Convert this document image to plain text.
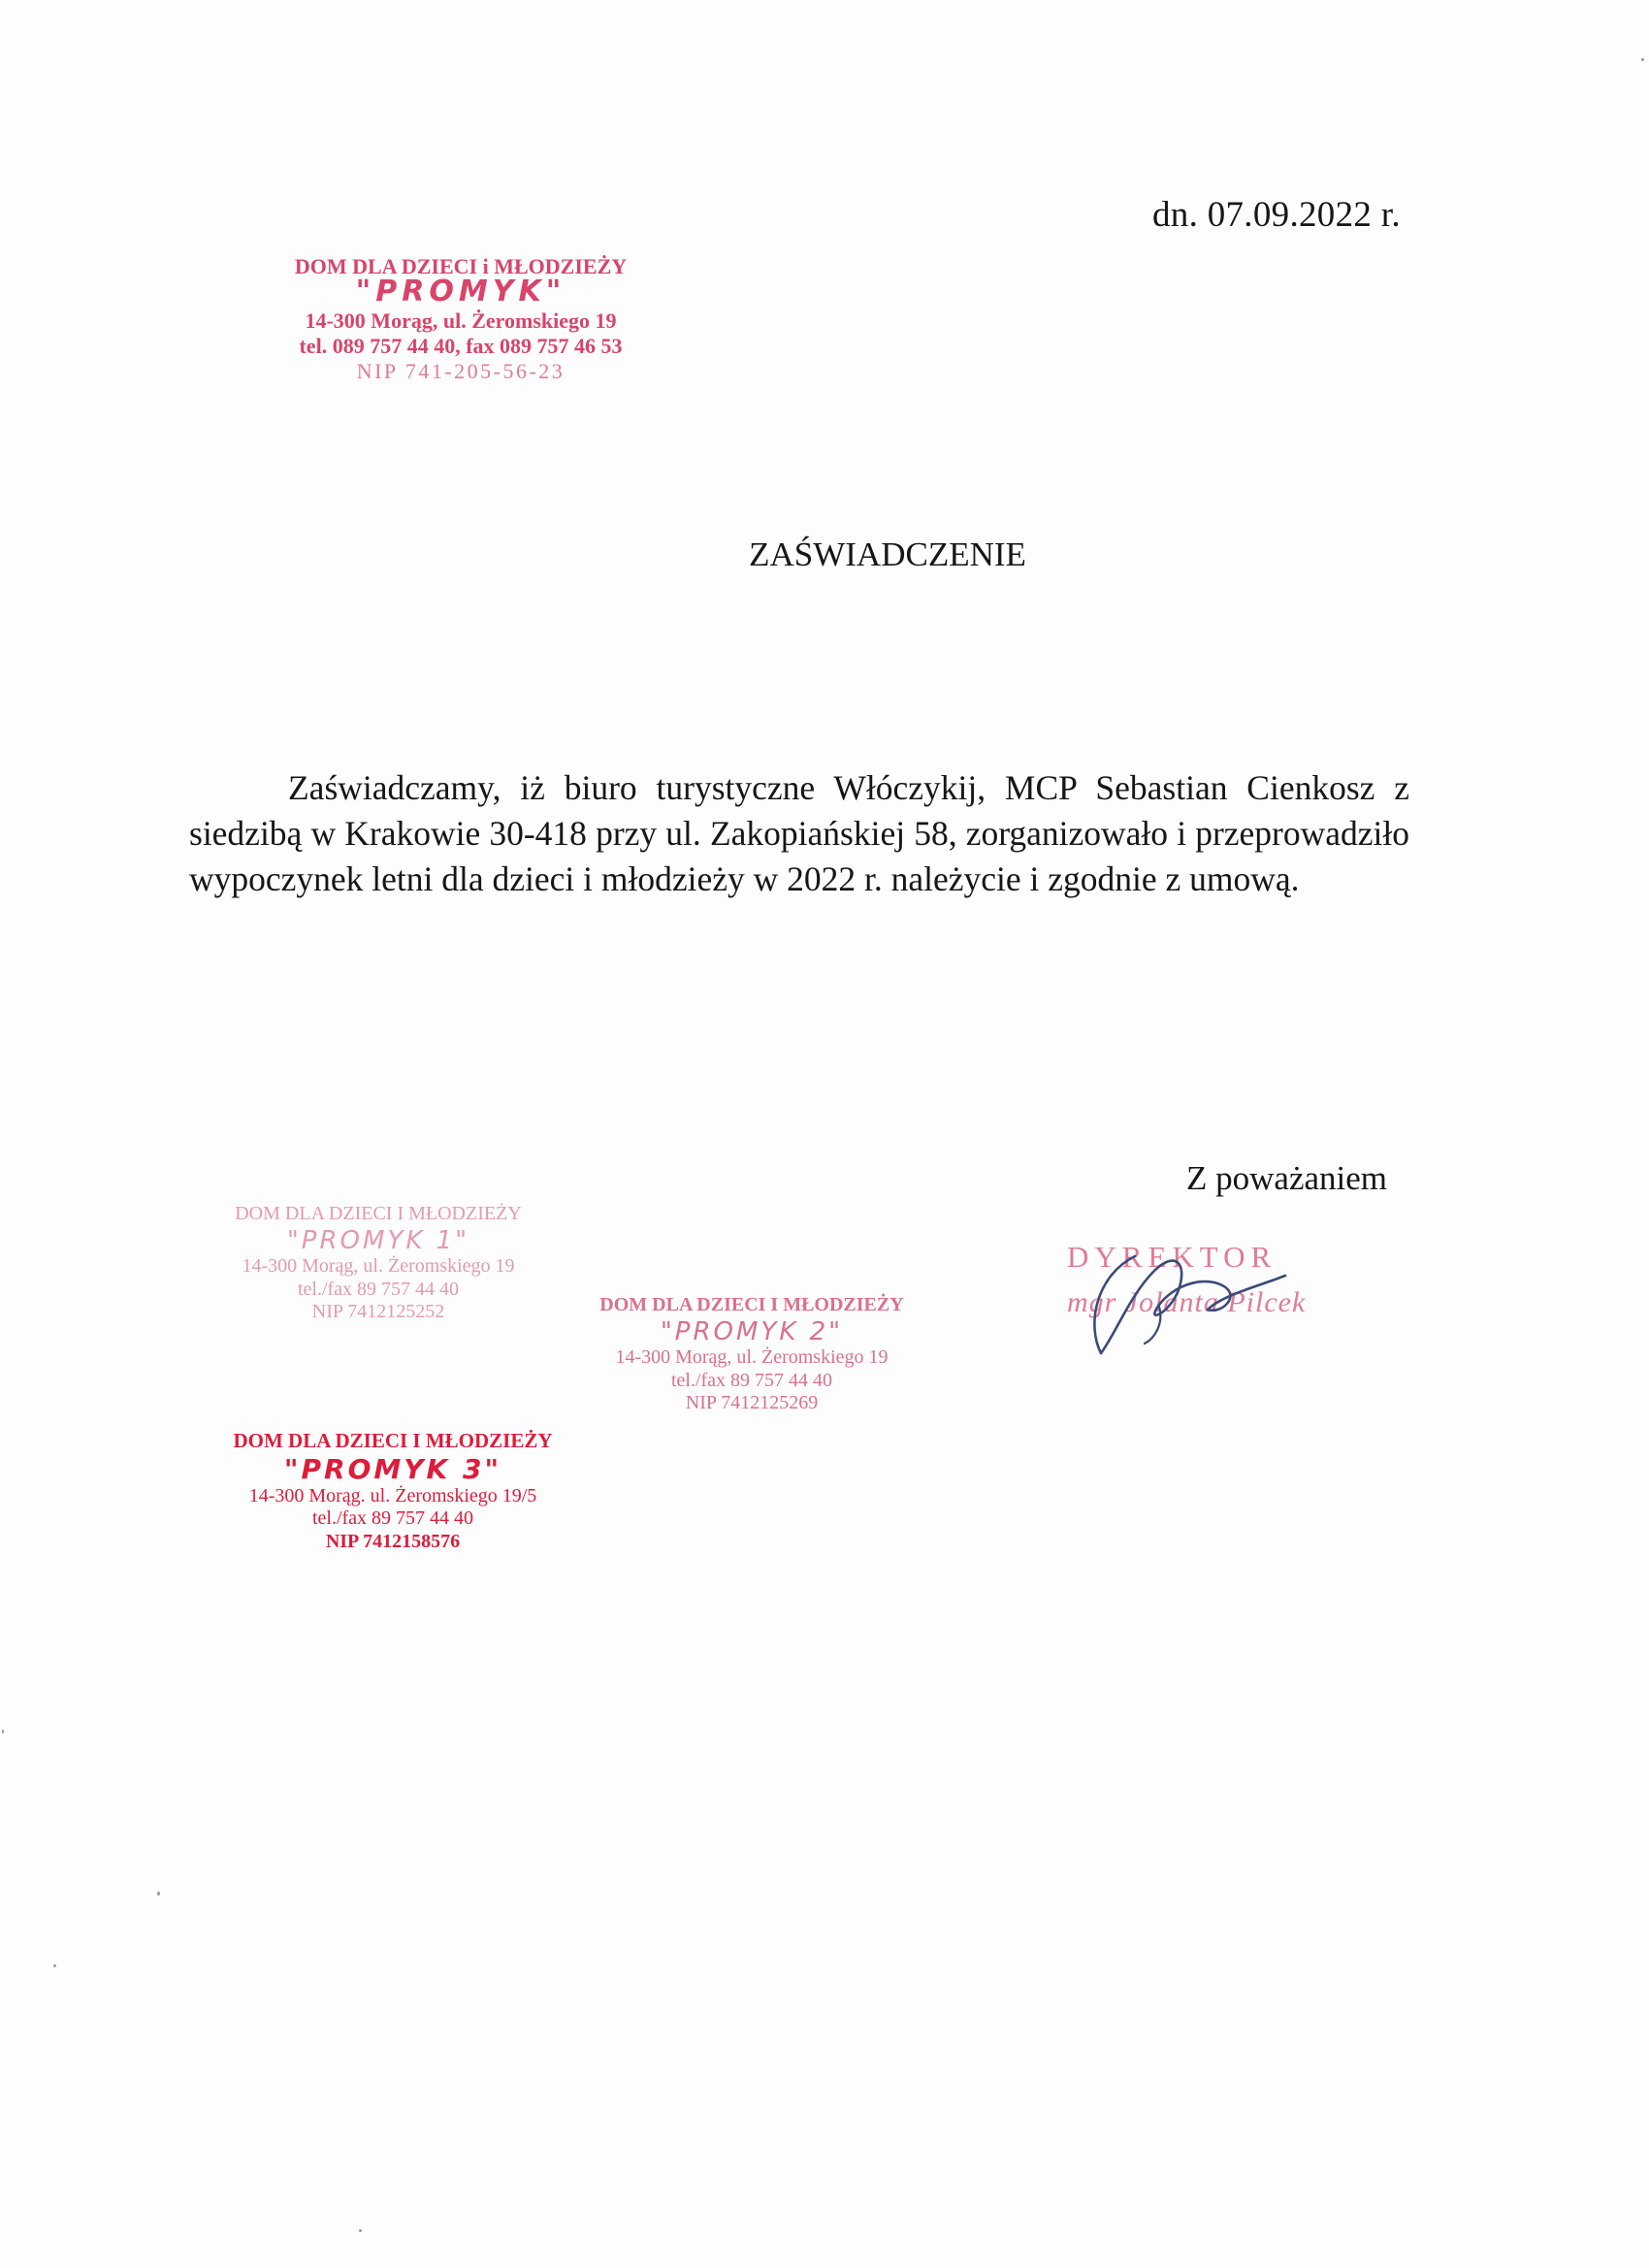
dn. 07.09.2022 r.
DOM DLA DZIECI i MŁODZIEŻY
"PROMYK"
14-300 Morąg, ul. Żeromskiego 19
tel. 089 757 44 40, fax 089 757 46 53
NIP 741-205-56-23
ZAŚWIADCZENIE

Zaświadczamy, iż biuro turystyczne Włóczykij, MCP Sebastian Cienkosz z siedzibą w Krakowie 30-418 przy ul. Zakopiańskiej 58, zorganizowało i przeprowadziło wypoczynek letni dla dzieci i młodzieży w 2022 r. należycie i zgodnie z umową.

Z poważaniem
DOM DLA DZIECI I MŁODZIEŻY
"PROMYK 1"
14-300 Morąg, ul. Żeromskiego 19
tel./fax 89 757 44 40
NIP 7412125252	DOM DLA DZIECI I MŁODZIEŻY
"PROMYK 2"
14-300 Morąg, ul. Żeromskiego 19
tel./fax 89 757 44 40
NIP 7412125269
DOM DLA DZIECI I MŁODZIEŻY
"PROMYK 3"
14-300 Morąg. ul. Żeromskiego 19/5
tel./fax 89 757 44 40
NIP 7412158576
DYREKTOR
mgr Jolanta Pilcek
